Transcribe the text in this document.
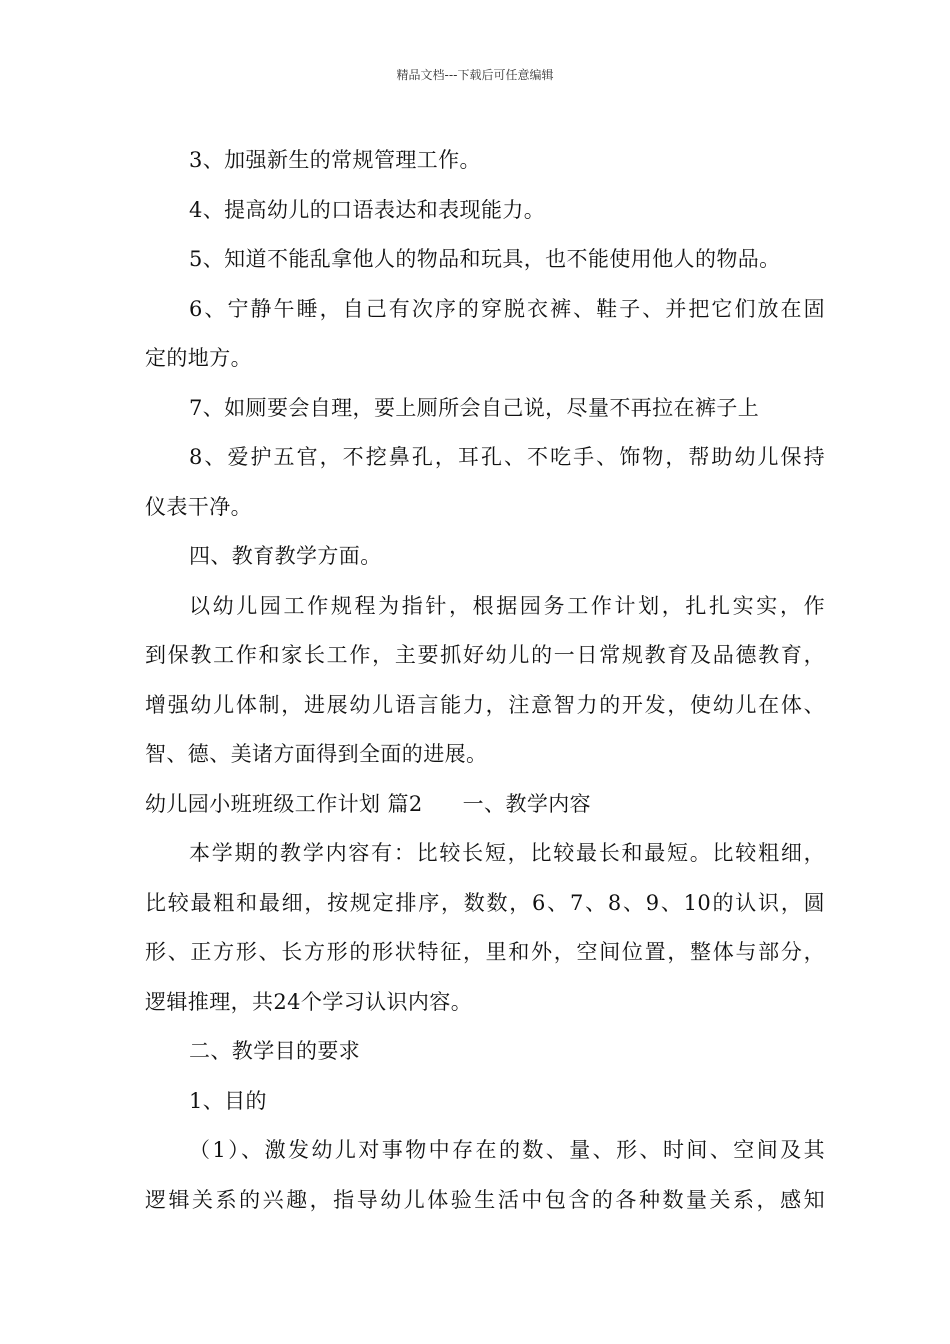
精品文档---下载后可任意编辑
3、加强新生的常规管理工作。
4、提高幼儿的口语表达和表现能力。
5、知道不能乱拿他人的物品和玩具，也不能使用他人的物品。
6、宁静午睡，自己有次序的穿脱衣裤、鞋子、并把它们放在固
定的地方。
7、如厕要会自理，要上厕所会自己说，尽量不再拉在裤子上
8、爱护五官，不挖鼻孔，耳孔、不吃手、饰物，帮助幼儿保持
仪表干净。
四、教育教学方面。
以幼儿园工作规程为指针，根据园务工作计划，扎扎实实，作
到保教工作和家长工作，主要抓好幼儿的一日常规教育及品德教育，
增强幼儿体制，进展幼儿语言能力，注意智力的开发，使幼儿在体、
智、德、美诸方面得到全面的进展。
幼儿园小班班级工作计划 篇2 一、教学内容
本学期的教学内容有：比较长短，比较最长和最短。比较粗细，
比较最粗和最细，按规定排序，数数，6、7、8、9、10的认识，圆
形、正方形、长方形的形状特征，里和外，空间位置，整体与部分，
逻辑推理，共24个学习认识内容。
二、教学目的要求
1、目的
（1）、激发幼儿对事物中存在的数、量、形、时间、空间及其
逻辑关系的兴趣，指导幼儿体验生活中包含的各种数量关系，感知
